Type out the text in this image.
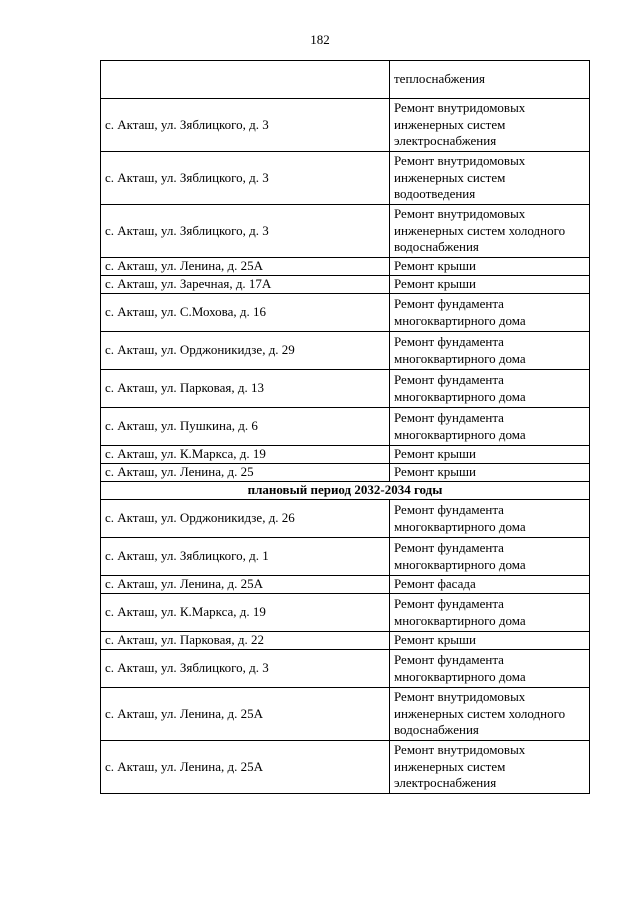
182
	теплоснабжения
с. Акташ, ул. Зяблицкого, д. 3	Ремонт внутридомовых инженерных систем электроснабжения
с. Акташ, ул. Зяблицкого, д. 3	Ремонт внутридомовых инженерных систем водоотведения
с. Акташ, ул. Зяблицкого, д. 3	Ремонт внутридомовых инженерных систем холодного водоснабжения
с. Акташ, ул. Ленина, д. 25А	Ремонт крыши
с. Акташ, ул. Заречная, д. 17А	Ремонт крыши
с. Акташ, ул. С.Мохова, д. 16	Ремонт фундамента многоквартирного дома
с. Акташ, ул. Орджоникидзе, д. 29	Ремонт фундамента многоквартирного дома
с. Акташ, ул. Парковая, д. 13	Ремонт фундамента многоквартирного дома
с. Акташ, ул. Пушкина, д. 6	Ремонт фундамента многоквартирного дома
с. Акташ, ул. К.Маркса, д. 19	Ремонт крыши
с. Акташ, ул. Ленина, д. 25	Ремонт крыши
плановый период 2032-2034 годы	
с. Акташ, ул. Орджоникидзе, д. 26	Ремонт фундамента многоквартирного дома
с. Акташ, ул. Зяблицкого, д. 1	Ремонт фундамента многоквартирного дома
с. Акташ, ул. Ленина, д. 25А	Ремонт фасада
с. Акташ, ул. К.Маркса, д. 19	Ремонт фундамента многоквартирного дома
с. Акташ, ул. Парковая, д. 22	Ремонт крыши
с. Акташ, ул. Зяблицкого, д. 3	Ремонт фундамента многоквартирного дома
с. Акташ, ул. Ленина, д. 25А	Ремонт внутридомовых инженерных систем холодного водоснабжения
с. Акташ, ул. Ленина, д. 25А	Ремонт внутридомовых инженерных систем электроснабжения
